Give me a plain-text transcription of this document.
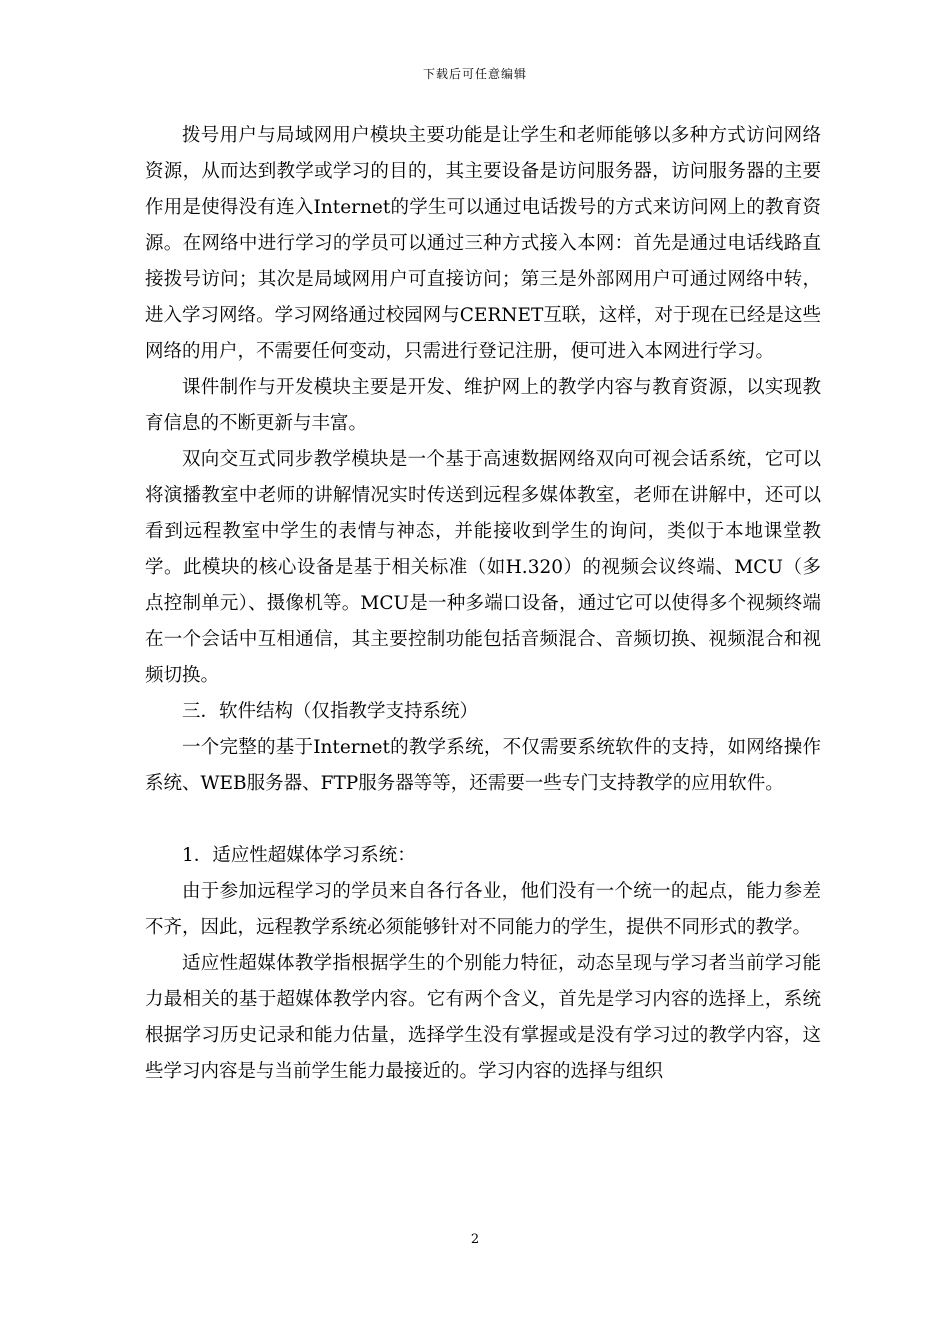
下载后可任意编辑

拨号用户与局域网用户模块主要功能是让学生和老师能够以多种方式访问网络资源，从而达到教学或学习的目的，其主要设备是访问服务器，访问服务器的主要作用是使得没有连入Internet的学生可以通过电话拨号的方式来访问网上的教育资源。在网络中进行学习的学员可以通过三种方式接入本网：首先是通过电话线路直接拨号访问；其次是局域网用户可直接访问；第三是外部网用户可通过网络中转，进入学习网络。学习网络通过校园网与CERNET互联，这样，对于现在已经是这些网络的用户，不需要任何变动，只需进行登记注册，便可进入本网进行学习。

课件制作与开发模块主要是开发、维护网上的教学内容与教育资源，以实现教育信息的不断更新与丰富。

双向交互式同步教学模块是一个基于高速数据网络双向可视会话系统，它可以将演播教室中老师的讲解情况实时传送到远程多媒体教室，老师在讲解中，还可以看到远程教室中学生的表情与神态，并能接收到学生的询问，类似于本地课堂教学。此模块的核心设备是基于相关标准（如H.320）的视频会议终端、MCU（多点控制单元）、摄像机等。MCU是一种多端口设备，通过它可以使得多个视频终端在一个会话中互相通信，其主要控制功能包括音频混合、音频切换、视频混合和视频切换。

三．软件结构（仅指教学支持系统）

一个完整的基于Internet的教学系统，不仅需要系统软件的支持，如网络操作系统、WEB服务器、FTP服务器等等，还需要一些专门支持教学的应用软件。

1．适应性超媒体学习系统：

由于参加远程学习的学员来自各行各业，他们没有一个统一的起点，能力参差不齐，因此，远程教学系统必须能够针对不同能力的学生，提供不同形式的教学。

适应性超媒体教学指根据学生的个别能力特征，动态呈现与学习者当前学习能力最相关的基于超媒体教学内容。它有两个含义，首先是学习内容的选择上，系统根据学习历史记录和能力估量，选择学生没有掌握或是没有学习过的教学内容，这些学习内容是与当前学生能力最接近的。学习内容的选择与组织

2
